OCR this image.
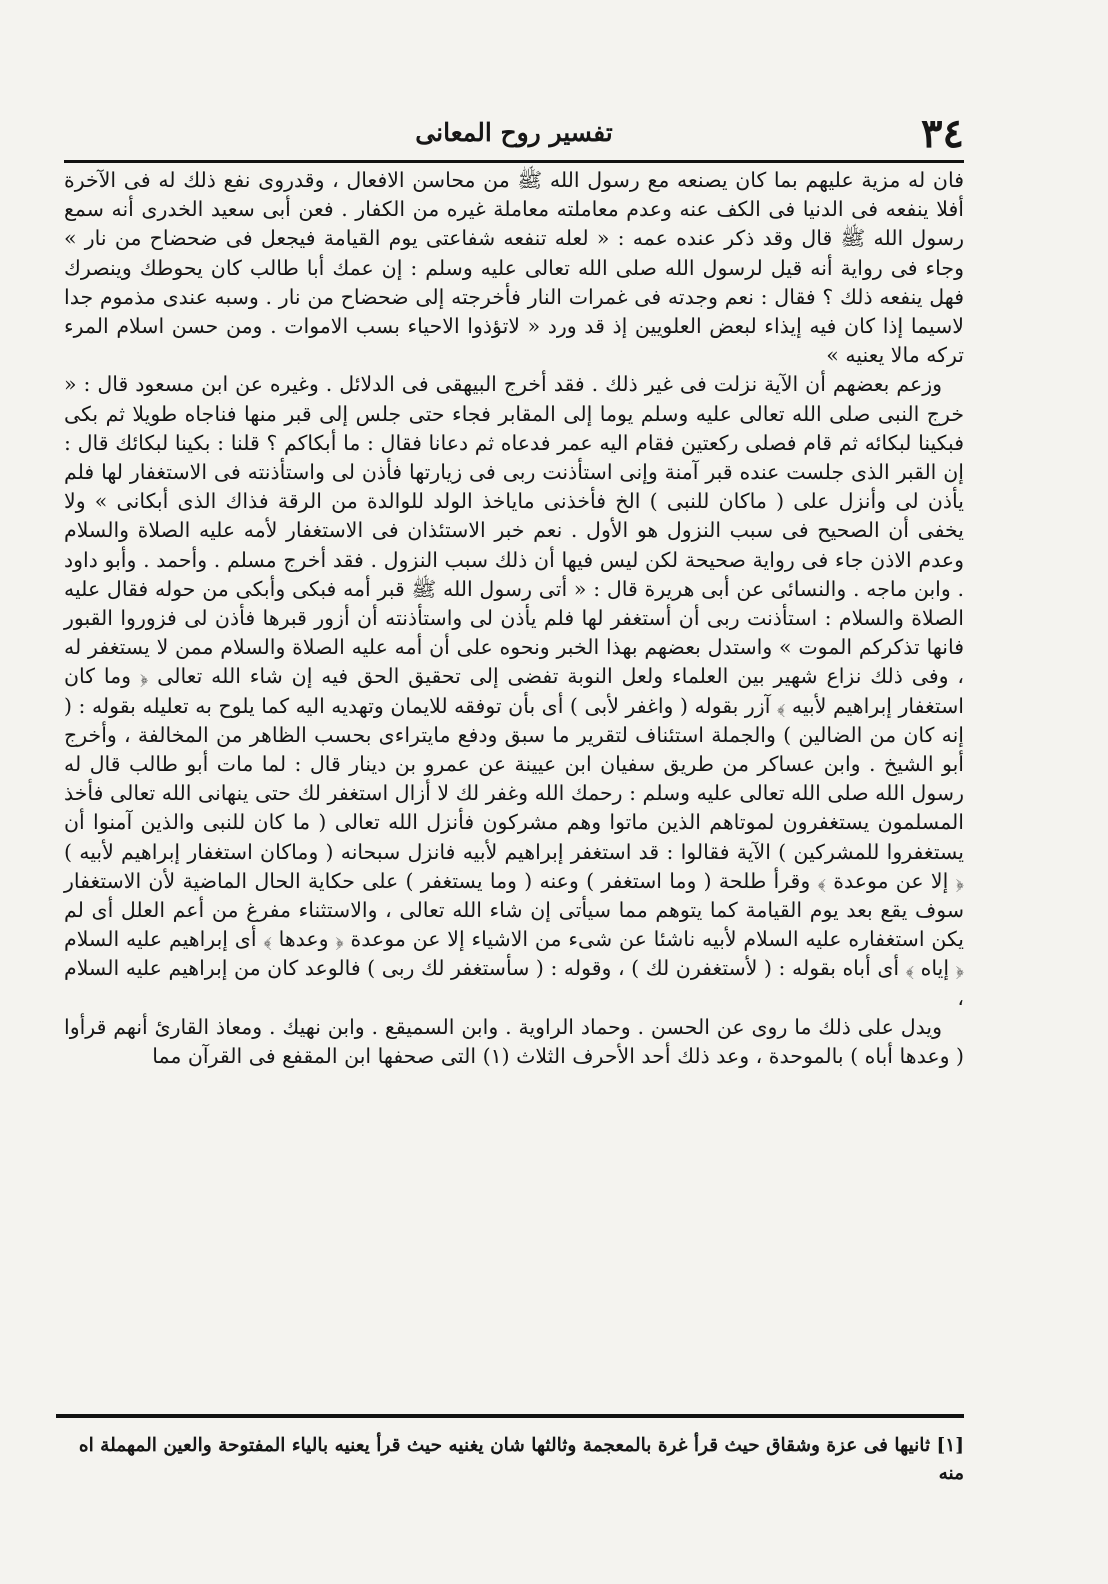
٣٤
تفسير روح المعانى

فان له مزية عليهم بما كان يصنعه مع رسول الله ﷺ من محاسن الافعال ، وقدروى نفع ذلك له فى الآخرة أفلا ينفعه فى الدنيا فى الكف عنه وعدم معاملته معاملة غيره من الكفار . فعن أبى سعيد الخدرى أنه سمع رسول الله ﷺ قال وقد ذكر عنده عمه : « لعله تنفعه شفاعتى يوم القيامة فيجعل فى ضحضاح من نار » وجاء فى رواية أنه قيل لرسول الله صلى الله تعالى عليه وسلم : إن عمك أبا طالب كان يحوطك وينصرك فهل ينفعه ذلك ؟ فقال : نعم وجدته فى غمرات النار فأخرجته إلى ضحضاح من نار . وسبه عندى مذموم جدا لاسيما إذا كان فيه إيذاء لبعض العلويين إذ قد ورد « لاتؤذوا الاحياء بسب الاموات . ومن حسن اسلام المرء تركه مالا يعنيه »

وزعم بعضهم أن الآية نزلت فى غير ذلك . فقد أخرج البيهقى فى الدلائل . وغيره عن ابن مسعود قال : « خرج النبى صلى الله تعالى عليه وسلم يوما إلى المقابر فجاء حتى جلس إلى قبر منها فناجاه طويلا ثم بكى فبكينا لبكائه ثم قام فصلى ركعتين فقام اليه عمر فدعاه ثم دعانا فقال : ما أبكاكم ؟ قلنا : بكينا لبكائك قال : إن القبر الذى جلست عنده قبر آمنة وإنى استأذنت ربى فى زيارتها فأذن لى واستأذنته فى الاستغفار لها فلم يأذن لى وأنزل على ( ماكان للنبى ) الخ فأخذنى ماياخذ الولد للوالدة من الرقة فذاك الذى أبكانى » ولا يخفى أن الصحيح فى سبب النزول هو الأول . نعم خبر الاستئذان فى الاستغفار لأمه عليه الصلاة والسلام وعدم الاذن جاء فى رواية صحيحة لكن ليس فيها أن ذلك سبب النزول . فقد أخرج مسلم . وأحمد . وأبو داود . وابن ماجه . والنسائى عن أبى هريرة قال : « أتى رسول الله ﷺ قبر أمه فبكى وأبكى من حوله فقال عليه الصلاة والسلام : استأذنت ربى أن أستغفر لها فلم يأذن لى واستأذنته أن أزور قبرها فأذن لى فزوروا القبور فانها تذكركم الموت » واستدل بعضهم بهذا الخبر ونحوه على أن أمه عليه الصلاة والسلام ممن لا يستغفر له ، وفى ذلك نزاع شهير بين العلماء ولعل النوبة تفضى إلى تحقيق الحق فيه إن شاء الله تعالى ﴿ وما كان استغفار إبراهيم لأبيه ﴾ آزر بقوله ( واغفر لأبى ) أى بأن توفقه للايمان وتهديه اليه كما يلوح به تعليله بقوله : ( إنه كان من الضالين ) والجملة استئناف لتقرير ما سبق ودفع مايتراءى بحسب الظاهر من المخالفة ، وأخرج أبو الشيخ . وابن عساكر من طريق سفيان ابن عيينة عن عمرو بن دينار قال : لما مات أبو طالب قال له رسول الله صلى الله تعالى عليه وسلم : رحمك الله وغفر لك لا أزال استغفر لك حتى ينهانى الله تعالى فأخذ المسلمون يستغفرون لموتاهم الذين ماتوا وهم مشركون فأنزل الله تعالى ( ما كان للنبى والذين آمنوا أن يستغفروا للمشركين ) الآية فقالوا : قد استغفر إبراهيم لأبيه فانزل سبحانه ( وماكان استغفار إبراهيم لأبيه ) ﴿ إلا عن موعدة ﴾ وقرأ طلحة ( وما استغفر ) وعنه ( وما يستغفر ) على حكاية الحال الماضية لأن الاستغفار سوف يقع بعد يوم القيامة كما يتوهم مما سيأتى إن شاء الله تعالى ، والاستثناء مفرغ من أعم العلل أى لم يكن استغفاره عليه السلام لأبيه ناشئا عن شىء من الاشياء إلا عن موعدة ﴿ وعدها ﴾ أى إبراهيم عليه السلام ﴿ إياه ﴾ أى أباه بقوله : ( لأستغفرن لك ) ، وقوله : ( سأستغفر لك ربى ) فالوعد كان من إبراهيم عليه السلام ،

ويدل على ذلك ما روى عن الحسن . وحماد الراوية . وابن السميقع . وابن نهيك . ومعاذ القارئ أنهم قرأوا ( وعدها أباه ) بالموحدة ، وعد ذلك أحد الأحرف الثلاث (١) التى صحفها ابن المقفع فى القرآن مما

[١] ثانيها فى عزة وشقاق حيث قرأ غرة بالمعجمة وثالثها شان يغنيه حيث قرأ يعنيه بالياء المفتوحة والعين المهملة اه منه
